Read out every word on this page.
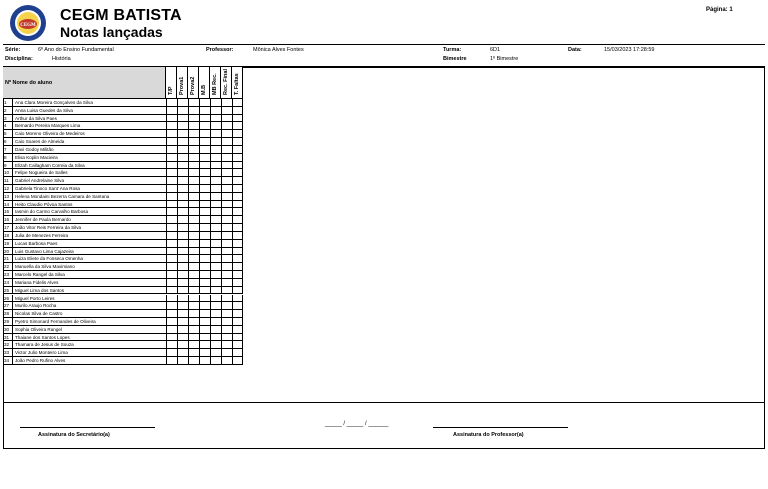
CEGM
CEGM BATISTA
Notas lançadas
Página: 1
Série:	6º Ano do Ensino Fundamental	Professor:	Mônica Alves Fontes	Turma:	6D1	Data:	15/03/2023 17:28:59
Disciplina:	História	Bimestre	1º Bimestre
Nº Nome do aluno
T/P Prova1 Prova2 M.B MB Rec. Rec. Final T. Faltas
1	Ana Clara Moreira Gonçalves da Silva
2	Anna Luisa Guedes da Silva
3	Arthur da Silva Paes
4	Bernardo Pereira Marques Lima
5	Caio Moreno Oliveira de Medeiros
6	Caio Soares de Almeida
7	Davi Godoy Militão
8	Elisa Koplin Macieira
9	Elizah Callagham Correia da Silva
10	Felipe Nogueira de Salles
11	Gabriel Andrelaine Silva
12	Gabriela Tinoco Sant' Ana Rosa
13	Helena Mondaini Bezerra Camara de Santana
14	Heito Claudio Póvoa Santos
15	Iasmin do Carmo Carvalho Barbosa
16	Jennifer de Paula Bernardo
17	João Vitor Reis Ferreira da Silva
18	Julia de Menezes Ferreira
19	Lucas Barbosa Paes
20	Luis Gustavo Lima Cajazeira
21	Luiza Eliete da Fonseca Omenha
22	Manuella da Silva Maximiano
23	Marcelo Rangel da Silva
24	Mariana Fidelis Alves
25	Miguel Lima dos Santos
26	Miguel Porto Leires
27	Murilo Araujo Rocha
28	Nicolas Silva de Castro
29	Pyetro Simonard Fernandes de Oliveira
30	Sophia Oliveira Rangel
31	Thaiane dos Santos Lopes
32	Thamara de Jesus de Souza
33	Victor Julio Monteiro Lima
34	João Pedro Rufino Alves
Assinatura do Secretário(a)
_____ / _____ / ______
Assinatura do Professor(a)
